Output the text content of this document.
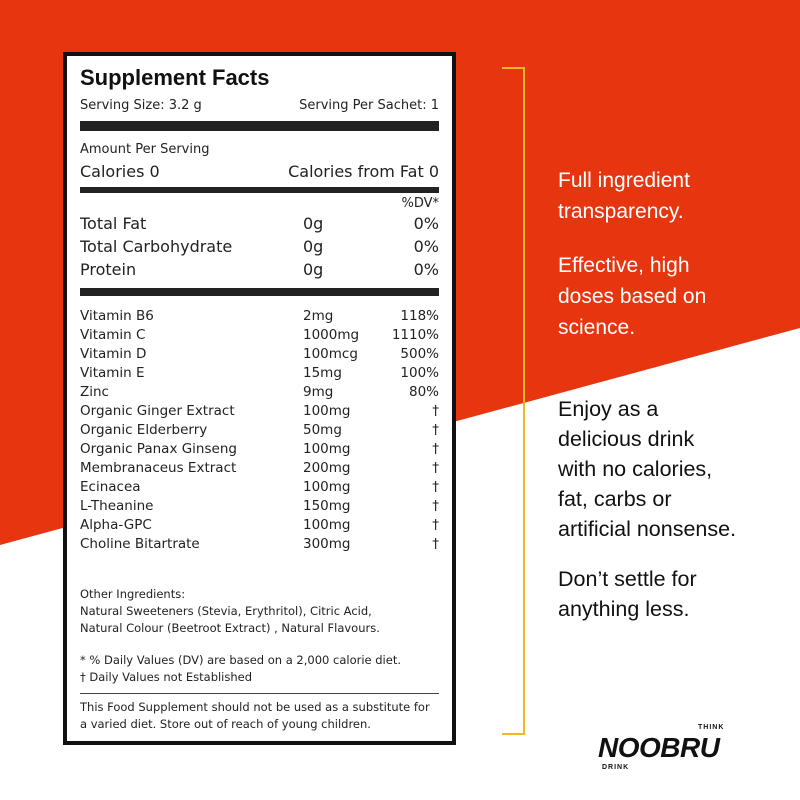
Supplement Facts
Serving Size: 3.2 g	Serving Per Sachet: 1
Amount Per Serving
Calories 0	Calories from Fat 0
%DV*
Total Fat	0g	0%
Total Carbohydrate	0g	0%
Protein	0g	0%
Vitamin B6	2mg	118%
Vitamin C	1000mg	1110%
Vitamin D	100mcg	500%
Vitamin E	15mg	100%
Zinc	9mg	80%
Organic Ginger Extract	100mg	†
Organic Elderberry	50mg	†
Organic Panax Ginseng	100mg	†
Membranaceus Extract	200mg	†
Ecinacea	100mg	†
L-Theanine	150mg	†
Alpha-GPC	100mg	†
Choline Bitartrate	300mg	†
Other Ingredients:
Natural Sweeteners (Stevia, Erythritol), Citric Acid,
Natural Colour (Beetroot Extract) , Natural Flavours.
* % Daily Values (DV) are based on a 2,000 calorie diet.
† Daily Values not Established
This Food Supplement should not be used as a substitute for
a varied diet. Store out of reach of young children.
Full ingredient
transparency.
Effective, high
doses based on
science.
Enjoy as a
delicious drink
with no calories,
fat, carbs or
artificial nonsense.
Don’t settle for
anything less.
THINK
NOOBRU
DRINK
